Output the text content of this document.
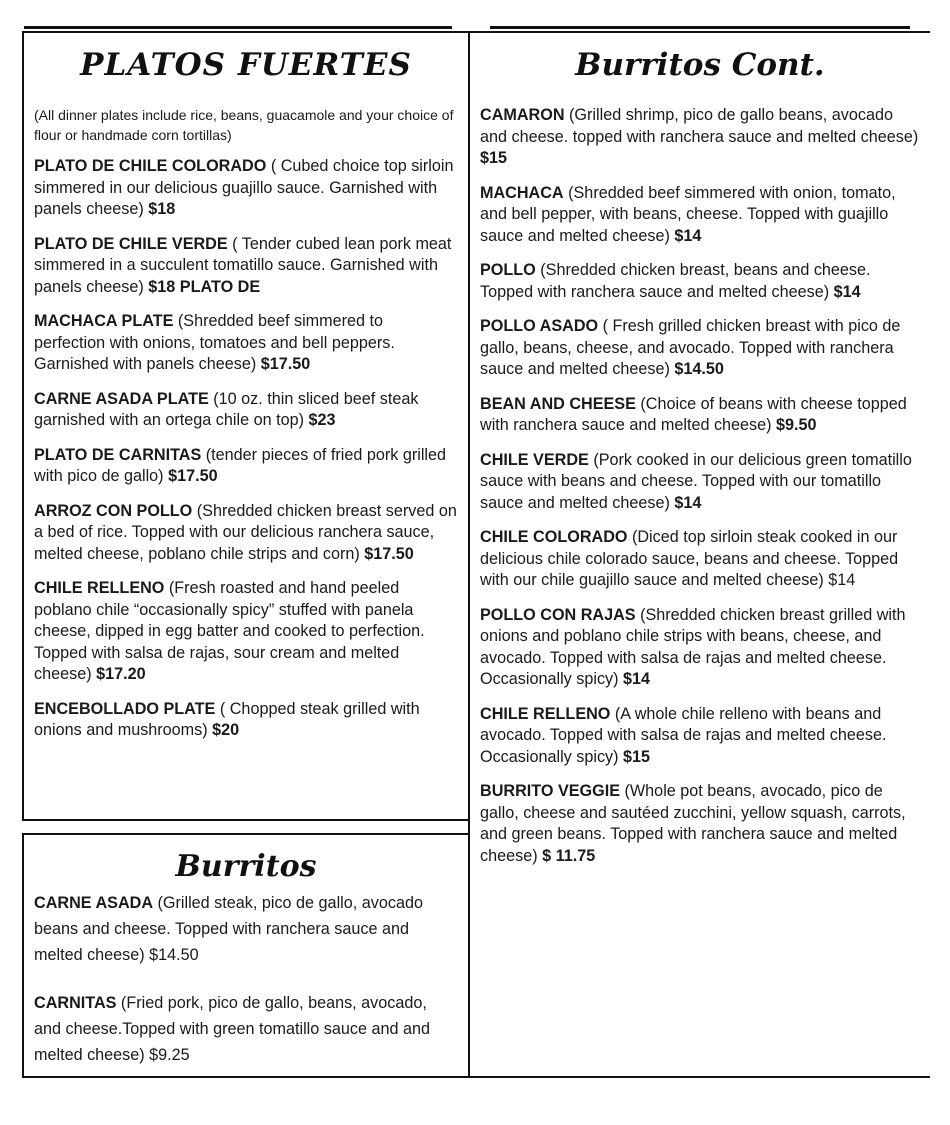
PLATOS FUERTES

(All dinner plates include rice, beans, guacamole and your choice of flour or handmade corn tortillas)

PLATO DE CHILE COLORADO ( Cubed choice top sirloin simmered in our delicious guajillo sauce. Garnished with panels cheese) $18

PLATO DE CHILE VERDE ( Tender cubed lean pork meat simmered in a succulent tomatillo sauce. Garnished with panels cheese) $18 PLATO DE

MACHACA PLATE (Shredded beef simmered to perfection with onions, tomatoes and bell peppers. Garnished with panels cheese) $17.50

CARNE ASADA PLATE (10 oz. thin sliced beef steak garnished with an ortega chile on top) $23

PLATO DE CARNITAS (tender pieces of fried pork grilled with pico de gallo) $17.50

ARROZ CON POLLO (Shredded chicken breast served on a bed of rice. Topped with our delicious ranchera sauce, melted cheese, poblano chile strips and corn) $17.50

CHILE RELLENO (Fresh roasted and hand peeled poblano chile “occasionally spicy” stuffed with panela cheese, dipped in egg batter and cooked to perfection. Topped with salsa de rajas, sour cream and melted cheese) $17.20

ENCEBOLLADO PLATE ( Chopped steak grilled with onions and mushrooms) $20

Burritos

CARNE ASADA (Grilled steak, pico de gallo, avocado beans and cheese. Topped with ranchera sauce and melted cheese) $14.50

CARNITAS (Fried pork, pico de gallo, beans, avocado, and cheese.Topped with green tomatillo sauce and and melted cheese) $9.25

Burritos Cont.

CAMARON (Grilled shrimp, pico de gallo beans, avocado and cheese. topped with ranchera sauce and melted cheese) $15

MACHACA (Shredded beef simmered with onion, tomato, and bell pepper, with beans, cheese. Topped with guajillo sauce and melted cheese) $14

POLLO (Shredded chicken breast, beans and cheese. Topped with ranchera sauce and melted cheese) $14

POLLO ASADO ( Fresh grilled chicken breast with pico de gallo, beans, cheese, and avocado. Topped with ranchera sauce and melted cheese) $14.50

BEAN AND CHEESE (Choice of beans with cheese topped with ranchera sauce and melted cheese) $9.50

CHILE VERDE (Pork cooked in our delicious green tomatillo sauce with beans and cheese. Topped with our tomatillo sauce and melted cheese) $14

CHILE COLORADO (Diced top sirloin steak cooked in our delicious chile colorado sauce, beans and cheese. Topped with our chile guajillo sauce and melted cheese) $14

POLLO CON RAJAS (Shredded chicken breast grilled with onions and poblano chile strips with beans, cheese, and avocado. Topped with salsa de rajas and melted cheese. Occasionally spicy) $14

CHILE RELLENO (A whole chile relleno with beans and avocado. Topped with salsa de rajas and melted cheese. Occasionally spicy) $15

BURRITO VEGGIE (Whole pot beans, avocado, pico de gallo, cheese and sautéed zucchini, yellow squash, carrots, and green beans. Topped with ranchera sauce and melted cheese) $ 11.75
